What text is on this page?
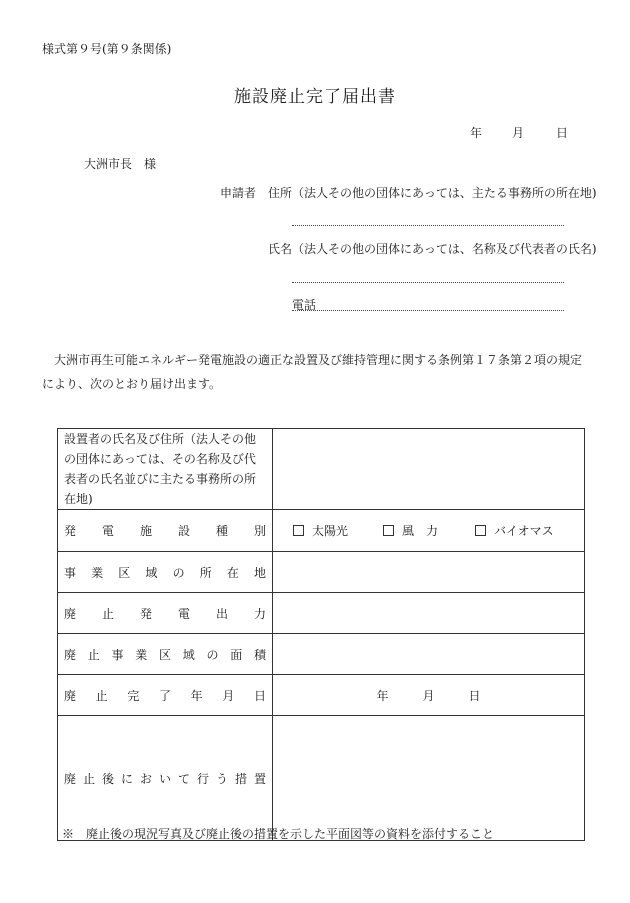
様式第９号(第９条関係)
施設廃止完了届出書
年 月	日
大洲市長　様
申請者 住所（法人その他の団体にあっては、主たる事務所の所在地)
氏名（法人その他の団体にあっては、名称及び代表者の氏名)
電話
大洲市再生可能エネルギー発電施設の適正な設置及び維持管理に関する条例第１７条第２項の規定により、次のとおり届け出ます。
設置者の氏名及び住所（法人その他の団体にあっては、その名称及び代表者の氏名並びに主たる事務所の所在地)	
発電施設種別	太陽光 風　力 バイオマス
事業区域の所在地	
廃止発電出力	
廃止事業区域の面積	
廃止完了年月日	年 月 日
廃止後において行う措置	
※　廃止後の現況写真及び廃止後の措置を示した平面図等の資料を添付すること
